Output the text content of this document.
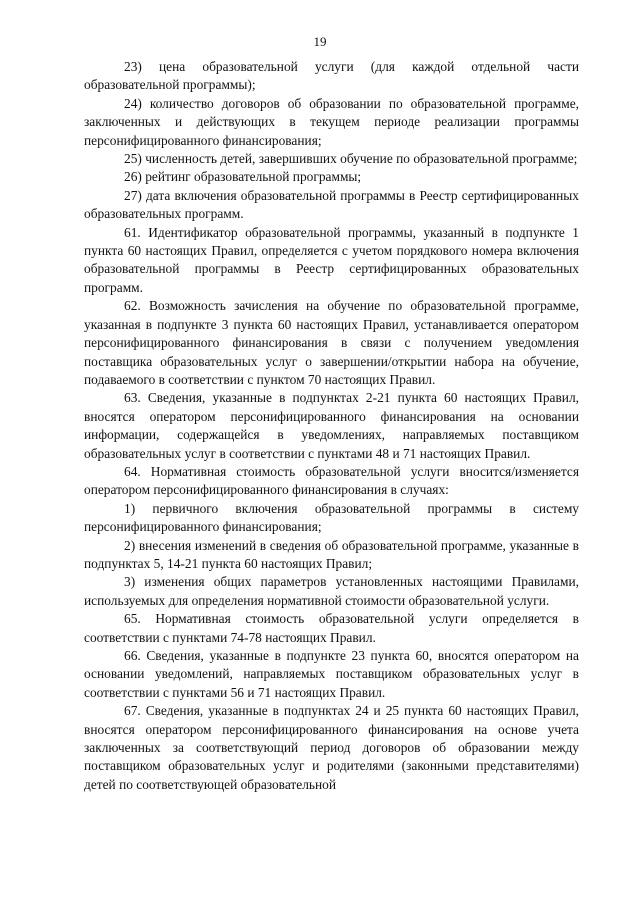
19

23) цена образовательной услуги (для каждой отдельной части образовательной программы);

24) количество договоров об образовании по образовательной программе, заключенных и действующих в текущем периоде реализации программы персонифицированного финансирования;

25) численность детей, завершивших обучение по образовательной программе;

26) рейтинг образовательной программы;

27) дата включения образовательной программы в Реестр сертифицированных образовательных программ.

61. Идентификатор образовательной программы, указанный в подпункте 1 пункта 60 настоящих Правил, определяется с учетом порядкового номера включения образовательной программы в Реестр сертифицированных образовательных программ.

62. Возможность зачисления на обучение по образовательной программе, указанная в подпункте 3 пункта 60 настоящих Правил, устанавливается оператором персонифицированного финансирования в связи с получением уведомления поставщика образовательных услуг о завершении/открытии набора на обучение, подаваемого в соответствии с пунктом 70 настоящих Правил.

63. Сведения, указанные в подпунктах 2-21 пункта 60 настоящих Правил, вносятся оператором персонифицированного финансирования на основании информации, содержащейся в уведомлениях, направляемых поставщиком образовательных услуг в соответствии с пунктами 48 и 71 настоящих Правил.

64. Нормативная стоимость образовательной услуги вносится/изменяется оператором персонифицированного финансирования в случаях:

1) первичного включения образовательной программы в систему персонифицированного финансирования;

2) внесения изменений в сведения об образовательной программе, указанные в подпунктах 5, 14-21 пункта 60 настоящих Правил;

3) изменения общих параметров установленных настоящими Правилами, используемых для определения нормативной стоимости образовательной услуги.

65. Нормативная стоимость образовательной услуги определяется в соответствии с пунктами 74-78 настоящих Правил.

66. Сведения, указанные в подпункте 23 пункта 60, вносятся оператором на основании уведомлений, направляемых поставщиком образовательных услуг в соответствии с пунктами 56 и 71 настоящих Правил.

67. Сведения, указанные в подпунктах 24 и 25 пункта 60 настоящих Правил, вносятся оператором персонифицированного финансирования на основе учета заключенных за соответствующий период договоров об образовании между поставщиком образовательных услуг и родителями (законными представителями) детей по соответствующей образовательной
